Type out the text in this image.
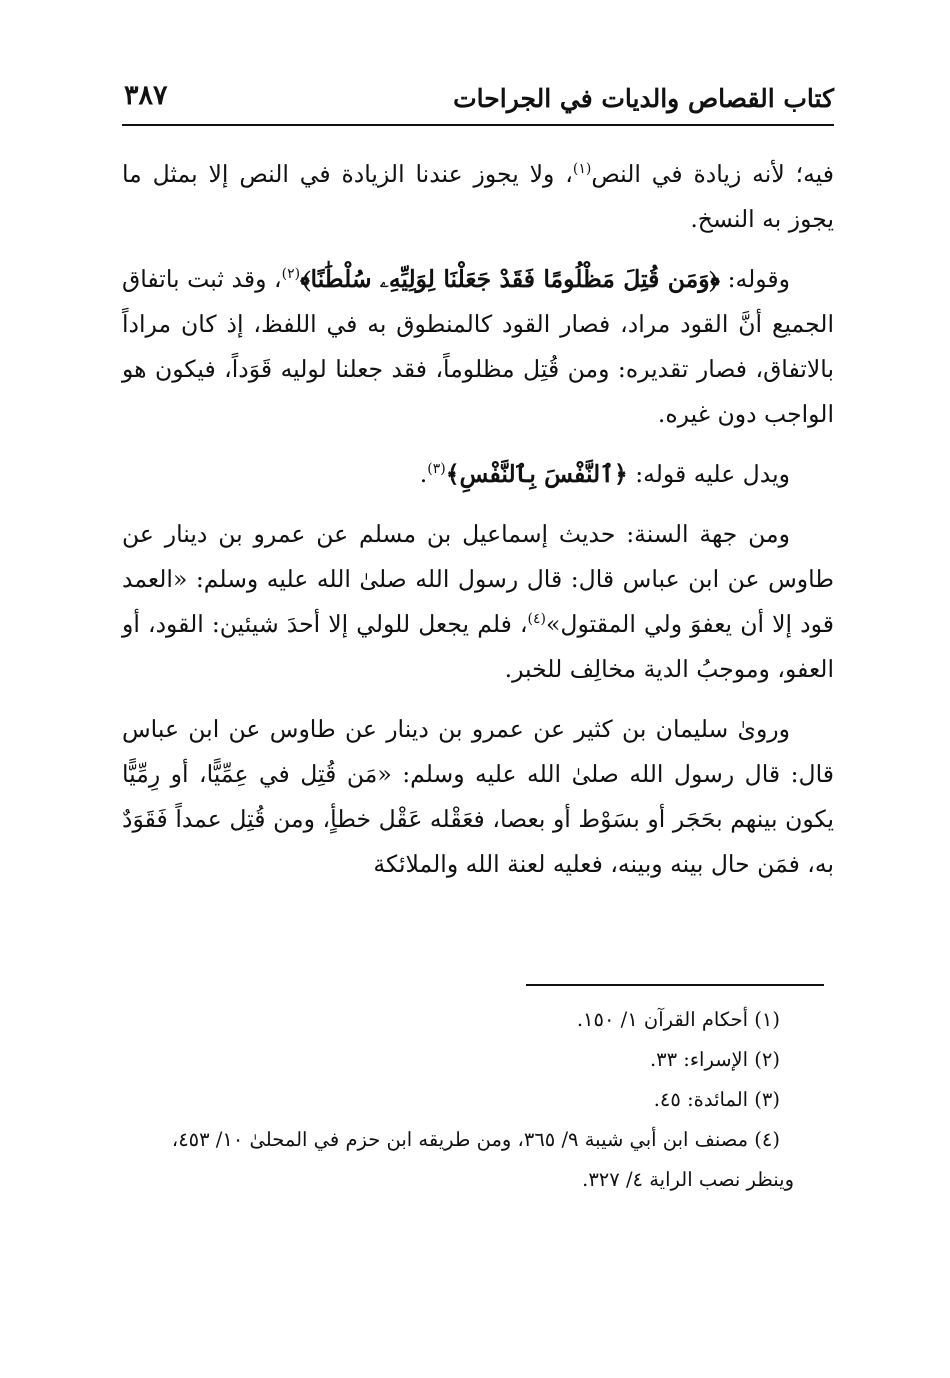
كتاب القصاص والديات في الجراحات
٣٨٧

فيه؛ لأنه زيادة في النص$^{(١)}$، ولا يجوز عندنا الزيادة في النص إلا بمثل ما يجوز به النسخ.

وقوله: ﴿وَمَن قُتِلَ مَظْلُومًا فَقَدْ جَعَلْنَا لِوَلِيِّهِۦ سُلْطَٰنًا﴾$^{(٢)}$، وقد ثبت باتفاق الجميع أنَّ القود مراد، فصار القود كالمنطوق به في اللفظ، إذ كان مراداً بالاتفاق، فصار تقديره: ومن قُتِل مظلوماً، فقد جعلنا لوليه قَوَداً، فيكون هو الواجب دون غيره.

ويدل عليه قوله: ﴿ٱلنَّفْسَ بِٱلنَّفْسِ﴾$^{(٣)}$.

ومن جهة السنة: حديث إسماعيل بن مسلم عن عمرو بن دينار عن طاوس عن ابن عباس قال: قال رسول الله صلىٰ الله عليه وسلم: «العمد قود إلا أن يعفوَ ولي المقتول»$^{(٤)}$، فلم يجعل للولي إلا أحدَ شيئين: القود، أو العفو، وموجبُ الدية مخالِف للخبر.

ورویٰ سليمان بن كثير عن عمرو بن دينار عن طاوس عن ابن عباس قال: قال رسول الله صلىٰ الله عليه وسلم: «مَن قُتِل في عِمِّيًّا، أو رِمِّيًّا يكون بينهم بحَجَر أو بسَوْط أو بعصا، فعَقْله عَقْل خطأٍ، ومن قُتِل عمداً فَقَوَدٌ به، فمَن حال بينه وبينه، فعليه لعنة الله والملائكة

(١) أحكام القرآن ١/ ١٥٠.

(٢) الإسراء: ٣٣.

(٣) المائدة: ٤٥.

(٤) مصنف ابن أبي شيبة ٩/ ٣٦٥، ومن طريقه ابن حزم في المحلىٰ ١٠/ ٤٥٣،
وينظر نصب الراية ٤/ ٣٢٧.
